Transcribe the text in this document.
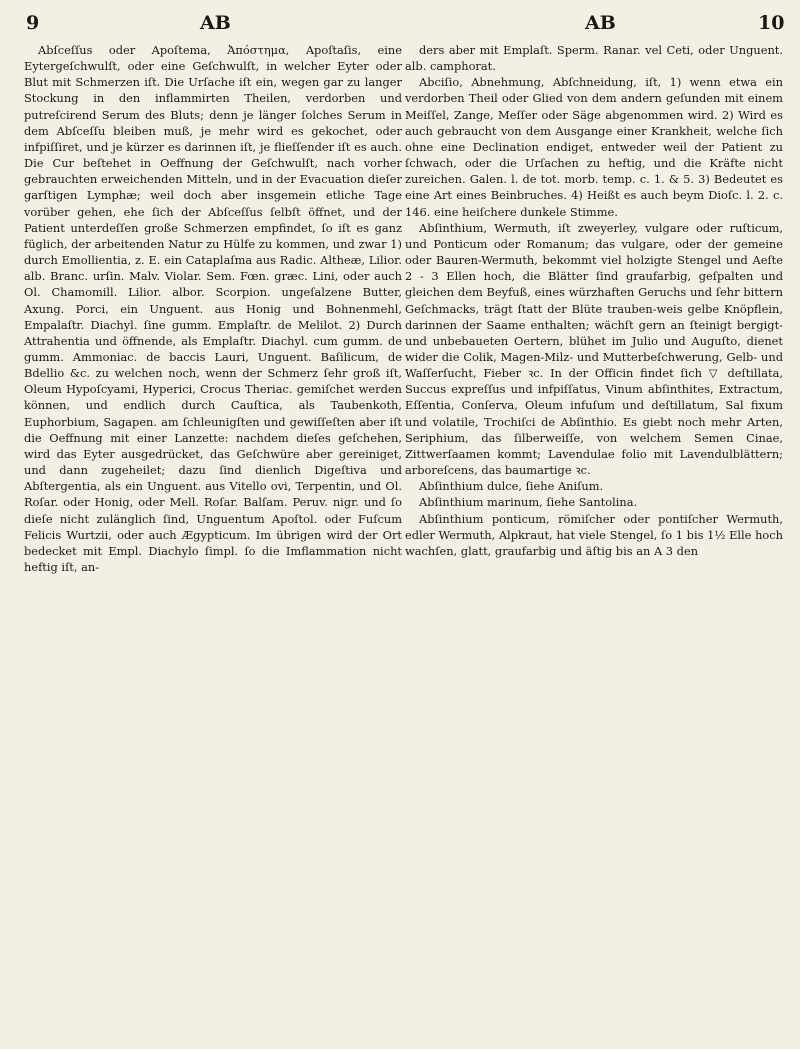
9	AB	AB	10

Abſceſſus oder Apoſtema, Ἀπόστημα, Apoſtaſis, eine Eytergeſchwulſt, oder eine Geſchwulſt, in welcher Eyter oder Blut mit Schmerzen iſt. Die Urſache iſt ein, wegen gar zu langer Stockung in den inflammirten Theilen, verdorben und putreſcirend Serum des Bluts; denn je länger ſolches Serum in dem Abſceſſu bleiben muß, je mehr wird es gekochet, oder infpiſſiret, und je kürzer es darinnen iſt, je flieſſender iſt es auch. Die Cur beſtehet in Oeffnung der Geſchwulſt, nach vorher gebrauchten erweichenden Mitteln, und in der Evacuation dieſer garſtigen Lymphæ; weil doch aber insgemein etliche Tage vorüber gehen, ehe ſich der Abſceſſus ſelbſt öffnet, und der Patient unterdeſſen große Schmerzen empfindet, ſo iſt es ganz füglich, der arbeitenden Natur zu Hülfe zu kommen, und zwar 1) durch Emollientia, z. E. ein Cataplaſma aus Radic. Altheæ, Lilior. alb. Branc. urſin. Malv. Violar. Sem. Fœn. græc. Lini, oder auch Ol. Chamomill. Lilior. albor. Scorpion. ungeſalzene Butter, Axung. Porci, ein Unguent. aus Honig und Bohnenmehl, Empalaſtr. Diachyl. ſine gumm. Emplaſtr. de Melilot. 2) Durch Attrahentia und öffnende, als Emplaſtr. Diachyl. cum gumm. de gumm. Ammoniac. de baccis Lauri, Unguent. Baſilicum, de Bdellio &c. zu welchen noch, wenn der Schmerz ſehr groß iſt, Oleum Hypoſcyami, Hyperici, Crocus Theriac. gemiſchet werden können, und endlich durch Cauſtica, als Taubenkoth, Euphorbium, Sagapen. am ſchleunigſten und gewiſſeſten aber iſt die Oeffnung mit einer Lanzette: nachdem dieſes geſchehen, wird das Eyter ausgedrücket, das Geſchwüre aber gereiniget, und dann zugeheilet; dazu ſind dienlich Digeſtiva und Abſtergentia, als ein Unguent. aus Vitello ovi, Terpentin, und Ol. Roſar. oder Honig, oder Mell. Roſar. Balſam. Peruv. nigr. und ſo dieſe nicht zulänglich ſind, Unguentum Apoſtol. oder Fuſcum Felicis Wurtzii, oder auch Ægypticum. Im übrigen wird der Ort bedecket mit Empl. Diachylo ſimpl. ſo die Imflammation nicht heftig iſt, an-

ders aber mit Emplaſt. Sperm. Ranar. vel Ceti, oder Unguent. alb. camphorat.

Abciſio, Abnehmung, Abſchneidung, iſt, 1) wenn etwa ein verdorben Theil oder Glied von dem andern geſunden mit einem Meiſſel, Zange, Meſſer oder Säge abgenommen wird. 2) Wird es auch gebraucht von dem Ausgange einer Krankheit, welche ſich ohne eine Declination endiget, entweder weil der Patient zu ſchwach, oder die Urſachen zu heftig, und die Kräfte nicht zureichen. Galen. l. de tot. morb. temp. c. 1. & 5. 3) Bedeutet es eine Art eines Beinbruches. 4) Heißt es auch beym Dioſc. l. 2. c. 146. eine heiſchere dunkele Stimme.

Abſinthium, Wermuth, iſt zweyerley, vulgare oder ruſticum, und Ponticum oder Romanum; das vulgare, oder der gemeine oder Bauren-Wermuth, bekommt viel holzigte Stengel und Aeſte 2 - 3 Ellen hoch, die Blätter ſind graufarbig, geſpalten und gleichen dem Beyfuß, eines würzhaften Geruchs und ſehr bittern Geſchmacks, trägt ſtatt der Blüte trauben-weis gelbe Knöpflein, darinnen der Saame enthalten; wächſt gern an ſteinigt bergigt- und unbebaueten Oertern, blühet im Julio und Auguſto, dienet wider die Colik, Magen-Milz- und Mutterbeſchwerung, Gelb- und Waſſerſucht, Fieber ꝛc. In der Officin findet ſich ▽ deſtillata, Succus expreſſus und infpiſſatus, Vinum abſinthites, Extractum, Eſſentia, Conſerva, Oleum infuſum und deſtillatum, Sal fixum und volatile, Trochiſci de Abſinthio. Es giebt noch mehr Arten, Seriphium, das ſilberweiſſe, von welchem Semen Cinae, Zittwerſaamen kommt; Lavendulae folio mit Lavendulblättern; arboreſcens, das baumartige ꝛc.

Abſinthium dulce, ſiehe Aniſum.

Abſinthium marinum, ſiehe Santolina.

Abſinthium ponticum, römiſcher oder pontiſcher Wermuth, edler Wermuth, Alpkraut, hat viele Stengel, ſo 1 bis 1½ Elle hoch wachſen, glatt, graufarbig und äſtig bis an A 3 den
